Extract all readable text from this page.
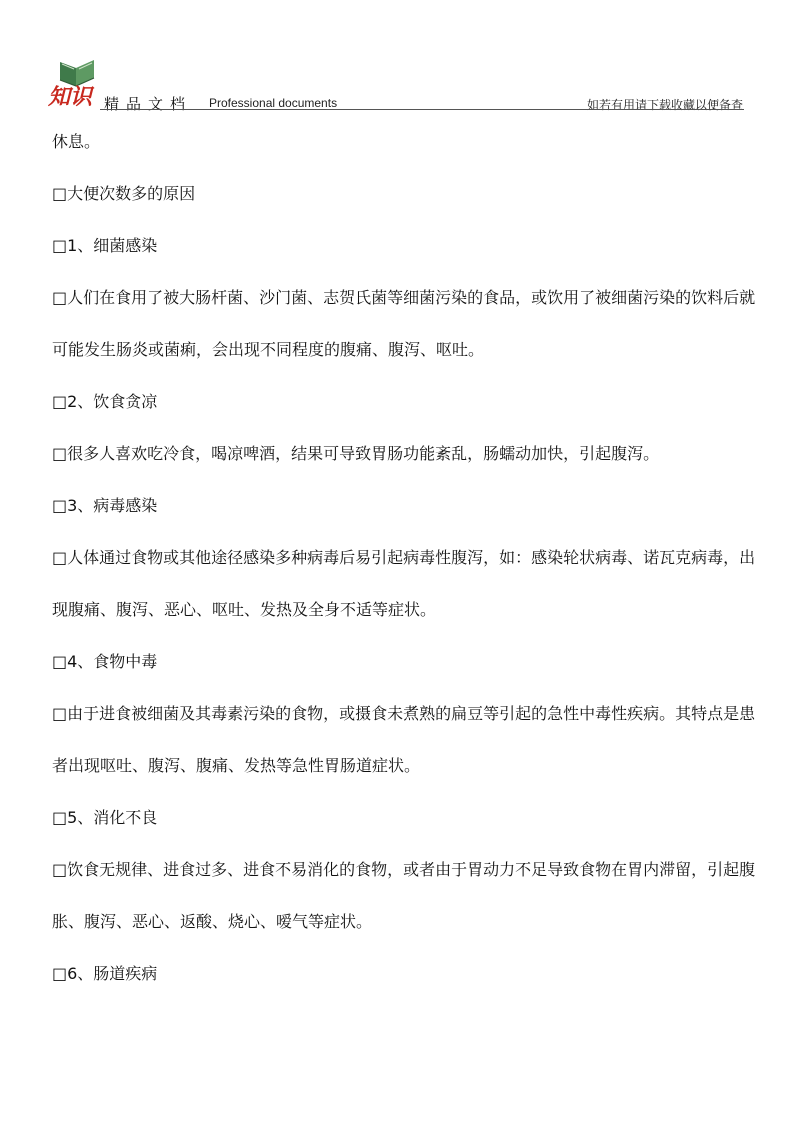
知识 精品文档 Professional documents	如若有用请下载收藏以便备查

休息。

□大便次数多的原因

□1、细菌感染

□人们在食用了被大肠杆菌、沙门菌、志贺氏菌等细菌污染的食品，或饮用了被细菌污染的饮料后就可能发生肠炎或菌痢，会出现不同程度的腹痛、腹泻、呕吐。

□2、饮食贪凉

□很多人喜欢吃冷食，喝凉啤酒，结果可导致胃肠功能紊乱，肠蠕动加快，引起腹泻。

□3、病毒感染

□人体通过食物或其他途径感染多种病毒后易引起病毒性腹泻，如：感染轮状病毒、诺瓦克病毒，出现腹痛、腹泻、恶心、呕吐、发热及全身不适等症状。

□4、食物中毒

□由于进食被细菌及其毒素污染的食物，或摄食未煮熟的扁豆等引起的急性中毒性疾病。其特点是患者出现呕吐、腹泻、腹痛、发热等急性胃肠道症状。

□5、消化不良

□饮食无规律、进食过多、进食不易消化的食物，或者由于胃动力不足导致食物在胃内滞留，引起腹胀、腹泻、恶心、返酸、烧心、嗳气等症状。

□6、肠道疾病
